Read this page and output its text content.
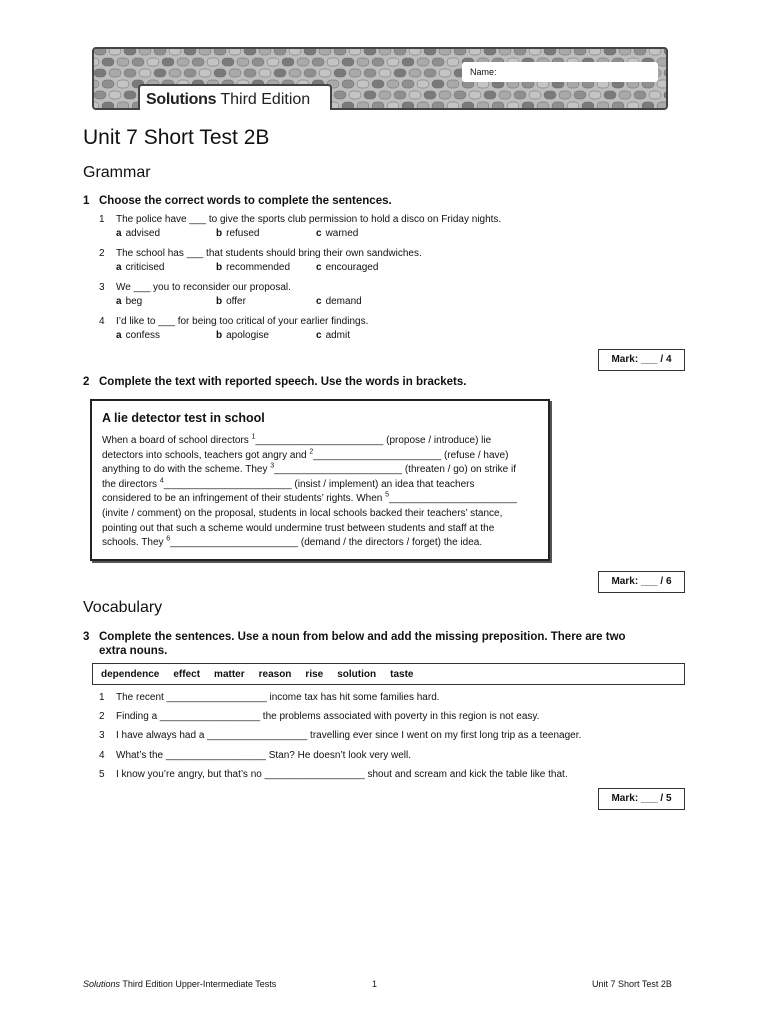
Name:
Solutions Third Edition
Unit 7 Short Test 2B
Grammar
1 Choose the correct words to complete the sentences.
1 The police have ___ to give the sports club permission to hold a disco on Friday nights.
a advised	b refused	c warned
2 The school has ___ that students should bring their own sandwiches.
a criticised	b recommended	c encouraged
3 We ___ you to reconsider our proposal.
a beg	b offer	c demand
4 I’d like to ___ for being too critical of your earlier findings.
a confess	b apologise	c admit
Mark: ___ / 4
2 Complete the text with reported speech. Use the words in brackets.
A lie detector test in school

When a board of school directors $^1$_______________________ (propose / introduce) lie
detectors into schools, teachers got angry and $^2$_______________________ (refuse / have)
anything to do with the scheme. They $^3$_______________________ (threaten / go) on strike if
the directors $^4$_______________________ (insist / implement) an idea that teachers
considered to be an infringement of their students’ rights. When $^5$_______________________
(invite / comment) on the proposal, students in local schools backed their teachers’ stance,
pointing out that such a scheme would undermine trust between students and staff at the
schools. They $^6$_______________________ (demand / the directors / forget) the idea.

Mark: ___ / 6
Vocabulary
3 Complete the sentences. Use a noun from below and add the missing preposition. There are two
extra nouns.
dependence effect matter reason rise solution taste
1 The recent __________________ income tax has hit some families hard.
2 Finding a __________________ the problems associated with poverty in this region is not easy.
3 I have always had a __________________ travelling ever since I went on my first long trip as a teenager.
4 What’s the __________________ Stan? He doesn’t look very well.
5 I know you’re angry, but that’s no __________________ shout and scream and kick the table like that.
Mark: ___ / 5
Solutions Third Edition Upper-Intermediate Tests	1	Unit 7 Short Test 2B
